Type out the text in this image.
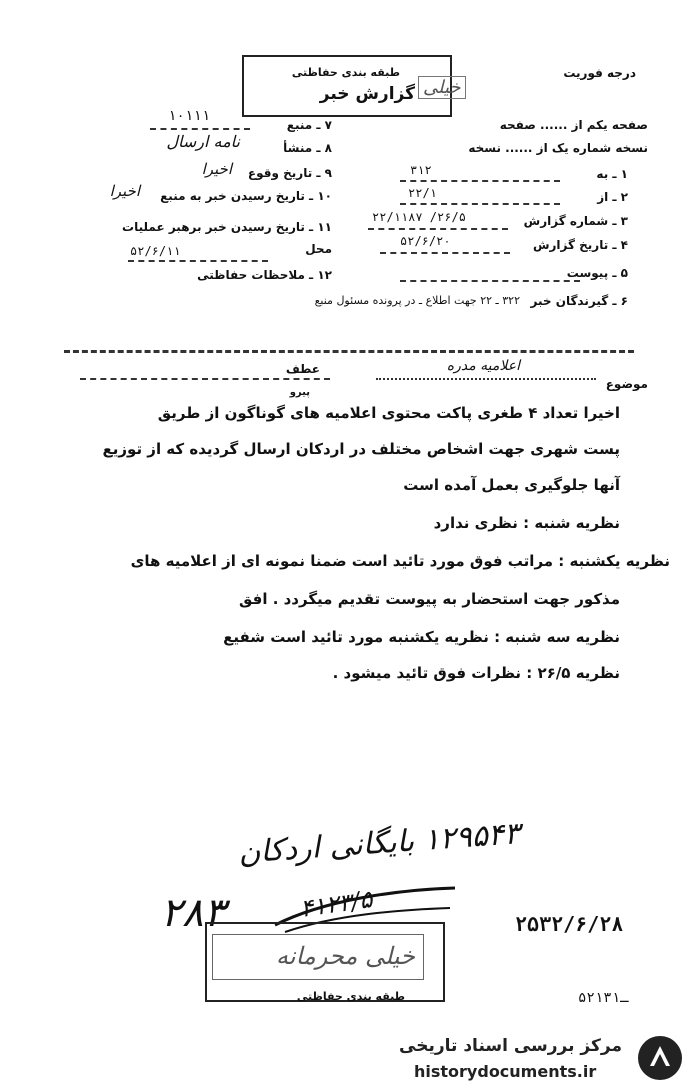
طبقه بندی حفاظتی
گزارش خبر خیلی
درجه فوریت
صفحه یکم از ...... صفحه
نسخه شماره یک از ...... نسخه
۱۰۱۱۱
۱ ـ به
۳۱۲
۲ ـ از
۲۲/۱
۳ ـ شماره گزارش
۲۲/۱۱۸۷ /۲۶/۵
۴ ـ تاریخ گزارش
۵۲/۶/۲۰
۵ ـ پیوست
۶ ـ گیرندگان خبر
۳۲۲ ـ ۲۲ جهت اطلاع ـ در پرونده مسئول منبع
۷ ـ منبع
۸ ـ منشأ
نامه ارسال
۹ ـ تاریخ وقوع
اخیرا
۱۰ ـ تاریخ رسیدن خبر به منبع
اخیرا
۱۱ ـ تاریخ رسیدن خبر برهبر عملیات
محل
۵۲/۶/۱۱
۱۲ ـ ملاحظات حفاظتی
موضوع
اعلامیه مدره
عطف
پیرو
اخیرا تعداد ۴ طغری پاکت محتوی اعلامیه های گوناگون از طریق
پست شهری جهت اشخاص مختلف در اردکان ارسال گردیده که از توزیع
آنها جلوگیری بعمل آمده است
نظریه شنبه : نظری ندارد
نظریه یکشنبه : مراتب فوق مورد تائید است ضمنا نمونه ای از اعلامیه های
مذکور جهت استحضار به پیوست تقدیم میگردد . افق
نظریه سه شنبه : نظریه یکشنبه مورد تائید است شفیع
نظریه ۲۶/۵ : نظرات فوق تائید میشود .
۱۲۹۵۴۳ بایگانی اردکان
۲۸۳	۴۱۲۳/۵
۲۵۳۲/۶/۲۸
خیلی محرمانه
طبقه بندی حفاظتی	۵۲ـ۱۳۱
مرکز بررسی اسناد تاریخی
historydocuments.ir
